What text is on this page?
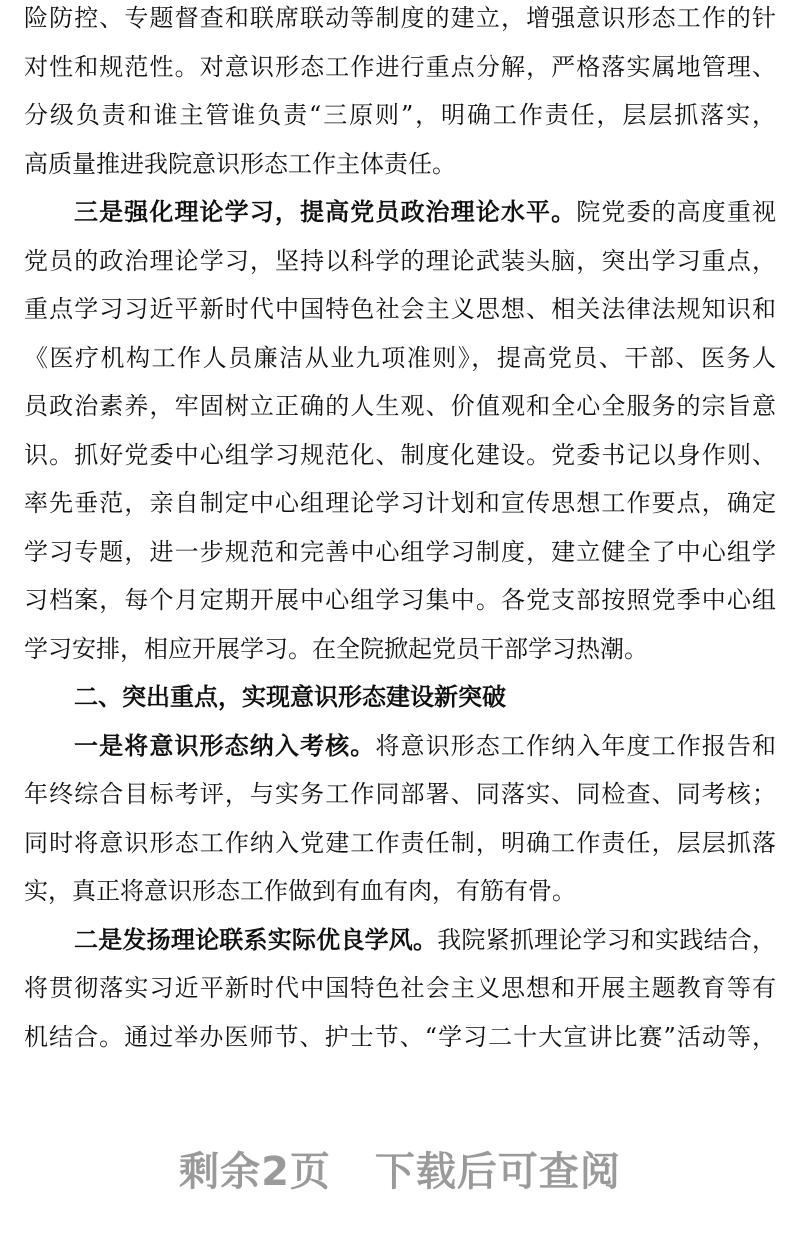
险防控、专题督查和联席联动等制度的建立，增强意识形态工作的针
对性和规范性。对意识形态工作进行重点分解，严格落实属地管理、
分级负责和谁主管谁负责“三原则”，明确工作责任，层层抓落实，
高质量推进我院意识形态工作主体责任。
三是强化理论学习，提高党员政治理论水平。院党委的高度重视
党员的政治理论学习，坚持以科学的理论武装头脑，突出学习重点，
重点学习习近平新时代中国特色社会主义思想、相关法律法规知识和
《医疗机构工作人员廉洁从业九项准则》，提高党员、干部、医务人
员政治素养，牢固树立正确的人生观、价值观和全心全服务的宗旨意
识。抓好党委中心组学习规范化、制度化建设。党委书记以身作则、
率先垂范，亲自制定中心组理论学习计划和宣传思想工作要点，确定
学习专题，进一步规范和完善中心组学习制度，建立健全了中心组学
习档案，每个月定期开展中心组学习集中。各党支部按照党季中心组
学习安排，相应开展学习。在全院掀起党员干部学习热潮。
二、突出重点，实现意识形态建设新突破
一是将意识形态纳入考核。将意识形态工作纳入年度工作报告和
年终综合目标考评，与实务工作同部署、同落实、同检查、同考核；
同时将意识形态工作纳入党建工作责任制，明确工作责任，层层抓落
实，真正将意识形态工作做到有血有肉，有筋有骨。
二是发扬理论联系实际优良学风。我院紧抓理论学习和实践结合，
将贯彻落实习近平新时代中国特色社会主义思想和开展主题教育等有
机结合。通过举办医师节、护士节、“学习二十大宣讲比赛”活动等，
剩余2页 下载后可查阅
